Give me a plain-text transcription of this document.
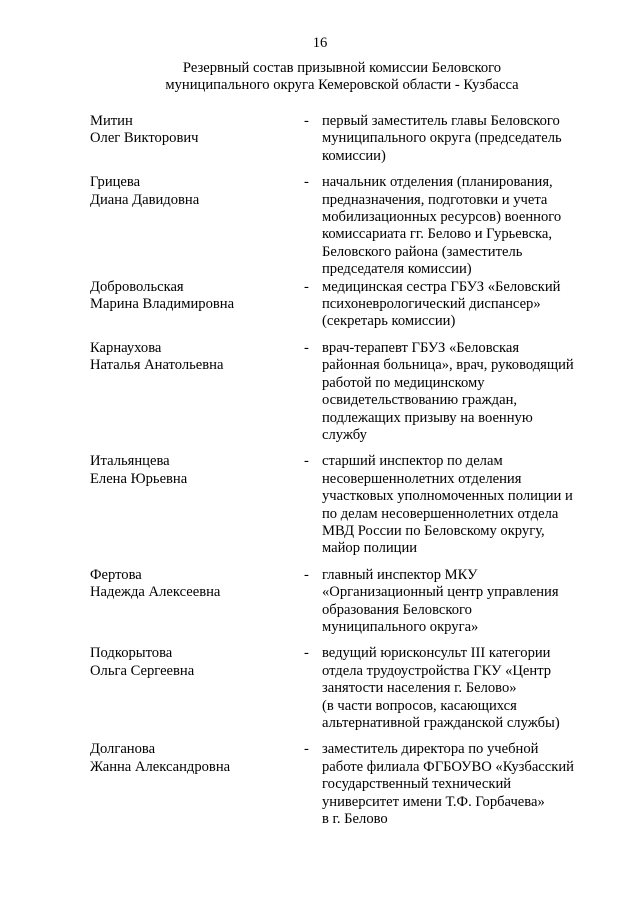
16
Резервный состав призывной комиссии Беловского
муниципального округа Кемеровской области - Кузбасса
Митин
Олег Викторович
- первый заместитель главы Беловского
муниципального округа (председатель
комиссии)
Грицева
Диана Давидовна
- начальник отделения (планирования,
предназначения, подготовки и учета
мобилизационных ресурсов) военного
комиссариата гг. Белово и Гурьевска,
Беловского района (заместитель
председателя комиссии)
Добровольская
Марина Владимировна
- медицинская сестра ГБУЗ «Беловский
психоневрологический диспансер»
(секретарь комиссии)
Карнаухова
Наталья Анатольевна
- врач-терапевт ГБУЗ «Беловская
районная больница», врач, руководящий
работой по медицинскому
освидетельствованию граждан,
подлежащих призыву на военную
службу
Итальянцева
Елена Юрьевна
- старший инспектор по делам
несовершеннолетних отделения
участковых уполномоченных полиции и
по делам несовершеннолетних отдела
МВД России по Беловскому округу,
майор полиции
Фертова
Надежда Алексеевна
- главный инспектор МКУ
«Организационный центр управления
образования Беловского
муниципального округа»
Подкорытова
Ольга Сергеевна
- ведущий юрисконсульт III категории
отдела трудоустройства ГКУ «Центр
занятости населения г. Белово»
(в части вопросов, касающихся
альтернативной гражданской службы)
Долганова
Жанна Александровна
- заместитель директора по учебной
работе филиала ФГБОУВО «Кузбасский
государственный технический
университет имени Т.Ф. Горбачева»
в г. Белово
